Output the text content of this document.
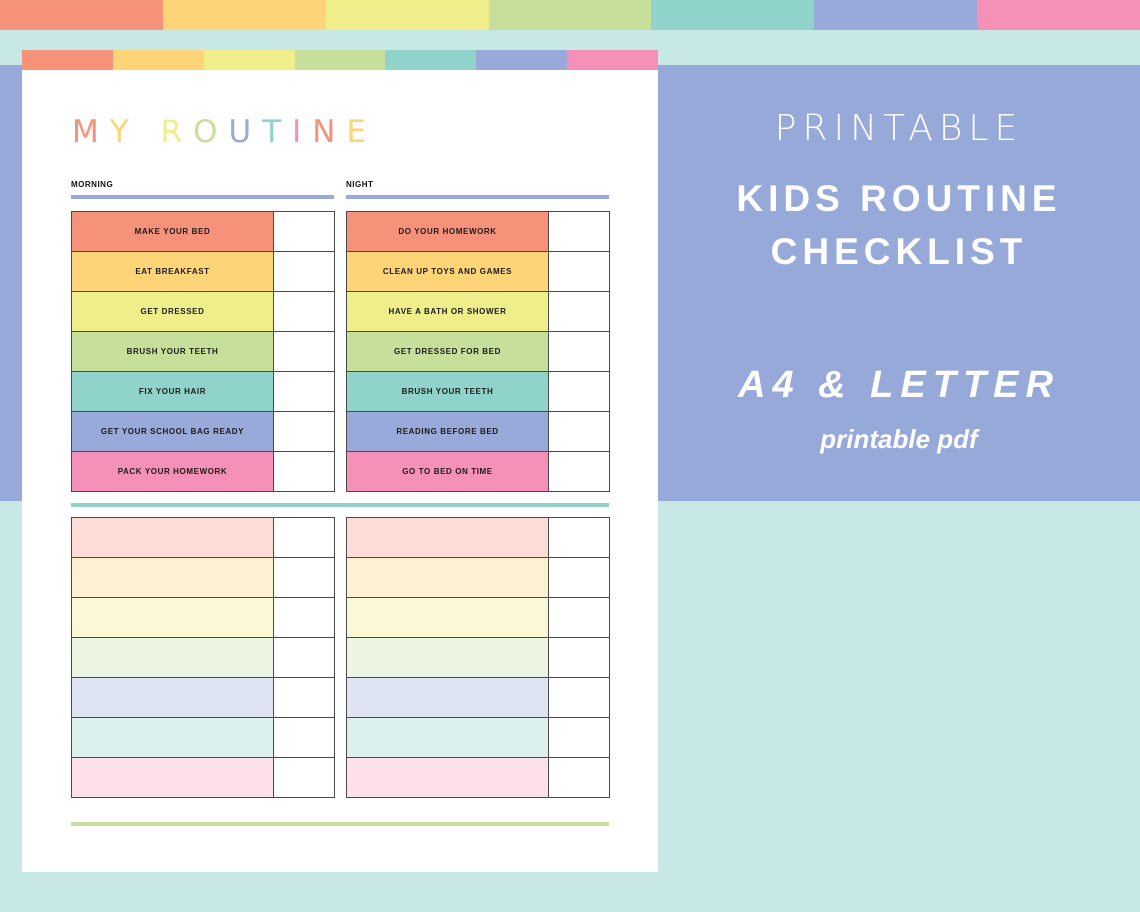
MY ROUTINE
MORNING	NIGHT
MAKE YOUR BED	
EAT BREAKFAST	
GET DRESSED	
BRUSH YOUR TEETH	
FIX YOUR HAIR	
GET YOUR SCHOOL BAG READY	
PACK YOUR HOMEWORK	
DO YOUR HOMEWORK	
CLEAN UP TOYS AND GAMES	
HAVE A BATH OR SHOWER	
GET DRESSED FOR BED	
BRUSH YOUR TEETH	
READING BEFORE BED	
GO TO BED ON TIME	

PRINTABLE
KIDS ROUTINE
CHECKLIST
A4 & LETTER
printable pdf
